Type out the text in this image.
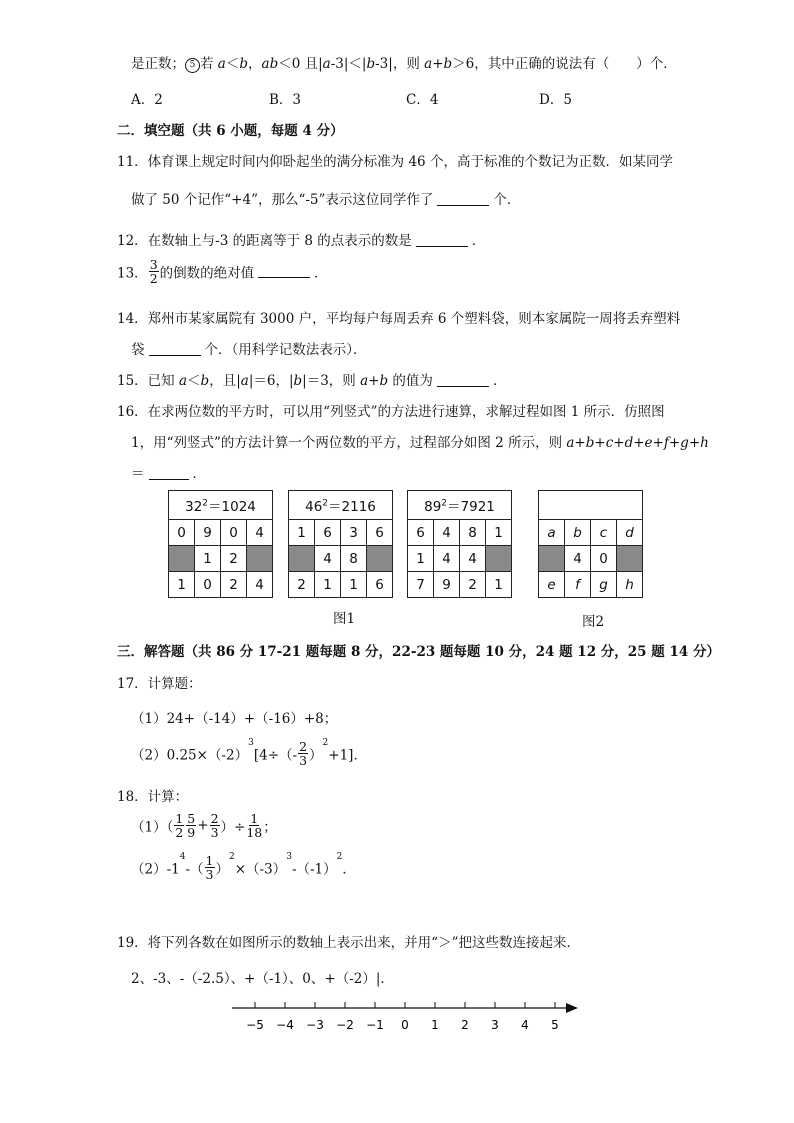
是正数； 5 若 a＜b，ab＜0 且|a-3|＜|b-3|，则 a+b＞6，其中正确的说法有（　　）个．
A．2	B．3	C．4	D．5
二．填空题（共 6 小题，每题 4 分）
11．体育课上规定时间内仰卧起坐的满分标准为 46 个，高于标准的个数记为正数．如某同学
做了 50 个记作“+4”，那么“-5”表示这位同学作了	个．
12．在数轴上与-3 的距离等于 8 的点表示的数是	．
13． $\frac{3}{2}$ 的倒数的绝对值	．
14．郑州市某家属院有 3000 户，平均每户每周丢弃 6 个塑料袋，则本家属院一周将丢弃塑料
袋	个．（用科学记数法表示）．
15．已知 a＜b，且|a|＝6，|b|＝3，则 a+b 的值为	．
16．在求两位数的平方时，可以用“列竖式”的方法进行速算，求解过程如图 1 所示．仿照图
1，用“列竖式”的方法计算一个两位数的平方，过程部分如图 2 所示，则 a+b+c+d+e+f+g+h
＝	．
$32^2=1024$			
0	9	0	4
	1	2	
1	0	2	4
$46^2=2116$			
1	6	3	6
	4	8	
2	1	1	6
$89^2=7921$			
6	4	8	1
1	4	4	
7	9	2	1

a	b	c	d
	4	0	
e	f	g	h
图1	图2
三．解答题（共 86 分 17-21 题每题 8 分，22-23 题每题 10 分，24 题 12 分，25 题 14 分）
17．计算题：
（1）24+（-14）+（-16）+8；
$(2)0.25\times(-2)^3[4\div(- \frac{2}{3} )^2+1]$．
18．计算：
$(1)( \frac{1}{2} \frac{5}{9} + \frac{2}{3}$ ）÷ $\frac{1}{18}$ ；
$(2)-1^4-( \frac{1}{3} )^2\times(-3)^3-(-1)^2$．
19．将下列各数在如图所示的数轴上表示出来，并用“＞”把这些数连接起来．
2、-3、-（-2.5）、+（-1）、0、+（-2）|．
−5 −4 −3 −2 −1 0 1 2 3 4 5
